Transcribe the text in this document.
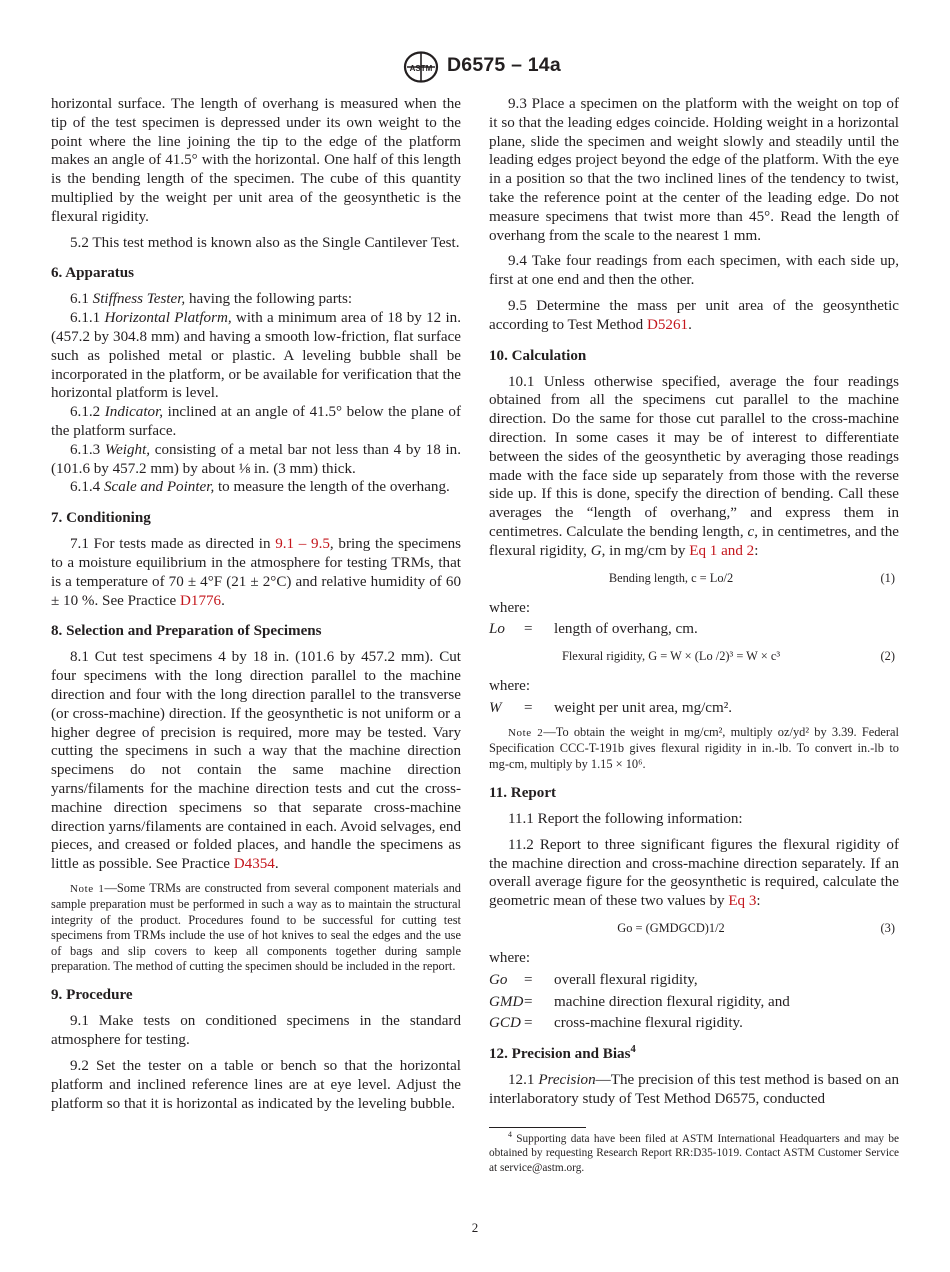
ASTM D6575 – 14a

horizontal surface. The length of overhang is measured when the tip of the test specimen is depressed under its own weight to the point where the line joining the tip to the edge of the platform makes an angle of 41.5° with the horizontal. One half of this length is the bending length of the specimen. The cube of this quantity multiplied by the weight per unit area of the geosynthetic is the flexural rigidity.

5.2 This test method is known also as the Single Cantilever Test.

6. Apparatus

6.1 Stiffness Tester, having the following parts:

6.1.1 Horizontal Platform, with a minimum area of 18 by 12 in. (457.2 by 304.8 mm) and having a smooth low-friction, flat surface such as polished metal or plastic. A leveling bubble shall be incorporated in the platform, or be available for verification that the horizontal platform is level.

6.1.2 Indicator, inclined at an angle of 41.5° below the plane of the platform surface.

6.1.3 Weight, consisting of a metal bar not less than 4 by 18 in. (101.6 by 457.2 mm) by about ⅛ in. (3 mm) thick.

6.1.4 Scale and Pointer, to measure the length of the overhang.

7. Conditioning

7.1 For tests made as directed in 9.1 – 9.5, bring the specimens to a moisture equilibrium in the atmosphere for testing TRMs, that is a temperature of 70 ± 4°F (21 ± 2°C) and relative humidity of 60 ± 10 %. See Practice D1776.

8. Selection and Preparation of Specimens

8.1 Cut test specimens 4 by 18 in. (101.6 by 457.2 mm). Cut four specimens with the long direction parallel to the machine direction and four with the long direction parallel to the transverse (or cross-machine) direction. If the geosynthetic is not uniform or a higher degree of precision is required, more may be tested. Vary cutting the specimens in such a way that the machine direction specimens do not contain the same machine direction yarns/filaments for the machine direction tests and cut the cross-machine direction specimens so that separate cross-machine direction yarns/filaments are contained in each. Avoid selvages, end pieces, and creased or folded places, and handle the specimens as little as possible. See Practice D4354.

Note 1—Some TRMs are constructed from several component materials and sample preparation must be performed in such a way as to maintain the structural integrity of the product. Procedures found to be successful for cutting test specimens from TRMs include the use of hot knives to seal the edges and the use of bags and slip covers to keep all components together during sample preparation. The method of cutting the specimen should be included in the report.

9. Procedure

9.1 Make tests on conditioned specimens in the standard atmosphere for testing.

9.2 Set the tester on a table or bench so that the horizontal platform and inclined reference lines are at eye level. Adjust the platform so that it is horizontal as indicated by the leveling bubble.

9.3 Place a specimen on the platform with the weight on top of it so that the leading edges coincide. Holding weight in a horizontal plane, slide the specimen and weight slowly and steadily until the leading edges project beyond the edge of the platform. With the eye in a position so that the two inclined lines of the tendency to twist, take the reference point at the center of the leading edge. Do not measure specimens that twist more than 45°. Read the length of overhang from the scale to the nearest 1 mm.

9.4 Take four readings from each specimen, with each side up, first at one end and then the other.

9.5 Determine the mass per unit area of the geosynthetic according to Test Method D5261.

10. Calculation

10.1 Unless otherwise specified, average the four readings obtained from all the specimens cut parallel to the machine direction. Do the same for those cut parallel to the cross-machine direction. In some cases it may be of interest to differentiate between the sides of the geosynthetic by averaging those readings made with the face side up separately from those with the reverse side up. If this is done, specify the direction of bending. Call these averages the “length of overhang,” and express them in centimetres. Calculate the bending length, c, in centimetres, and the flexural rigidity, G, in mg/cm by Eq 1 and 2:

Bending length, c = Lo/2	(1)

where:

Lo	=	length of overhang, cm.
Flexural rigidity, G = W × (Lo /2)³ = W × c³	(2)

where:

W	=	weight per unit area, mg/cm².

Note 2—To obtain the weight in mg/cm², multiply oz/yd² by 3.39. Federal Specification CCC-T-191b gives flexural rigidity in in.-lb. To convert in.-lb to mg-cm, multiply by 1.15 × 10⁶.

11. Report

11.1 Report the following information:

11.2 Report to three significant figures the flexural rigidity of the machine direction and cross-machine direction separately. If an overall average figure for the geosynthetic is required, calculate the geometric mean of these two values by Eq 3:

Go = (GMDGCD)1/2	(3)

where:

Go	=	overall flexural rigidity,
GMD =	machine direction flexural rigidity, and
GCD =	cross-machine flexural rigidity.
12. Precision and Bias$^4$

12.1 Precision—The precision of this test method is based on an interlaboratory study of Test Method D6575, conducted

$^4$ Supporting data have been filed at ASTM International Headquarters and may be obtained by requesting Research Report RR:D35-1019. Contact ASTM Customer Service at service@astm.org.

2
